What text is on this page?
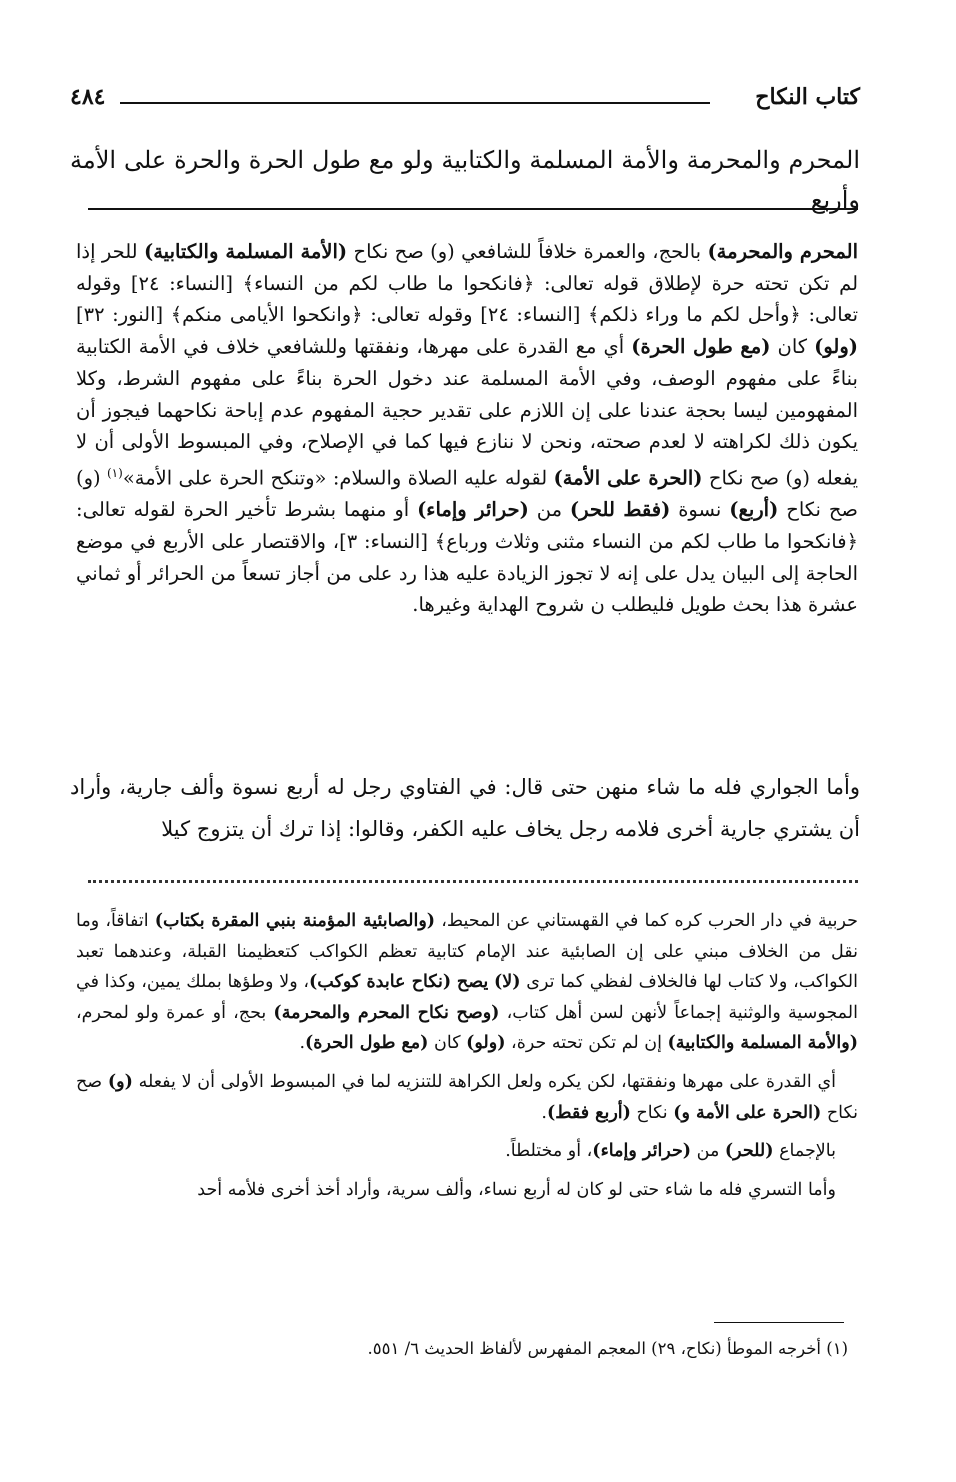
كتاب النكاح
٤٨٤
المحرم والمحرمة والأمة المسلمة والكتابية ولو مع طول الحرة والحرة على الأمة وأربع
المحرم والمحرمة) بالحج، والعمرة خلافاً للشافعي (و) صح نكاح (الأمة المسلمة والكتابية) للحر إذا لم تكن تحته حرة لإطلاق قوله تعالى: ﴿فانكحوا ما طاب لكم من النساء﴾ [النساء: ٢٤] وقوله تعالى: ﴿وأحل لكم ما وراء ذلكم﴾ [النساء: ٢٤] وقوله تعالى: ﴿وانكحوا الأيامى منكم﴾ [النور: ٣٢] (ولو) كان (مع طول الحرة) أي مع القدرة على مهرها، ونفقتها وللشافعي خلاف في الأمة الكتابية بناءً على مفهوم الوصف، وفي الأمة المسلمة عند دخول الحرة بناءً على مفهوم الشرط، وكلا المفهومين ليسا بحجة عندنا على إن اللازم على تقدير حجية المفهوم عدم إباحة نكاحهما فيجوز أن يكون ذلك لكراهته لا لعدم صحته، ونحن لا ننازع فيها كما في الإصلاح، وفي المبسوط الأولى أن لا يفعله (و) صح نكاح (الحرة على الأمة) لقوله عليه الصلاة والسلام: «وتنكح الحرة على الأمة»$^{(١)}$ (و) صح نكاح (أربع) نسوة (فقط للحر) من (حرائر وإماء) أو منهما بشرط تأخير الحرة لقوله تعالى: ﴿فانكحوا ما طاب لكم من النساء مثنى وثلاث ورباع﴾ [النساء: ٣]، والاقتصار على الأربع في موضع الحاجة إلى البيان يدل على إنه لا تجوز الزيادة عليه هذا رد على من أجاز تسعاً من الحرائر أو ثماني عشرة هذا بحث طويل فليطلب ن شروح الهداية وغيرها.
وأما الجواري فله ما شاء منهن حتى قال: في الفتاوي رجل له أربع نسوة وألف جارية، وأراد أن يشتري جارية أخرى فلامه رجل يخاف عليه الكفر، وقالوا: إذا ترك أن يتزوج كيلا

حربية في دار الحرب كره كما في القهستاني عن المحيط، (والصابئية المؤمنة بنبي المقرة بكتاب) اتفاقاً، وما نقل من الخلاف مبني على إن الصابئية عند الإمام كتابية تعظم الكواكب كتعظيمنا القبلة، وعندهما تعبد الكواكب، ولا كتاب لها فالخلاف لفظي كما ترى (لا) يصح (نكاح عابدة كوكب)، ولا وطؤها بملك يمين، وكذا في المجوسية والوثنية إجماعاً لأنهن لسن أهل كتاب، (وصح نكاح المحرم والمحرمة) بحج، أو عمرة ولو لمحرم، (والأمة المسلمة والكتابية) إن لم تكن تحته حرة، (ولو) كان (مع طول الحرة).

أي القدرة على مهرها ونفقتها، لكن يكره ولعل الكراهة للتنزيه لما في المبسوط الأولى أن لا يفعله (و) صح نكاح (الحرة على الأمة و) نكاح (أربع فقط).

بالإجماع (للحر) من (حرائر وإماء)، أو مختلطاً.

وأما التسري فله ما شاء حتى لو كان له أربع نساء، وألف سرية، وأراد أخذ أخرى فلأمه أحد

(١) أخرجه الموطأ (نكاح، ٢٩) المعجم المفهرس لألفاظ الحديث ٦/ ٥٥١.
